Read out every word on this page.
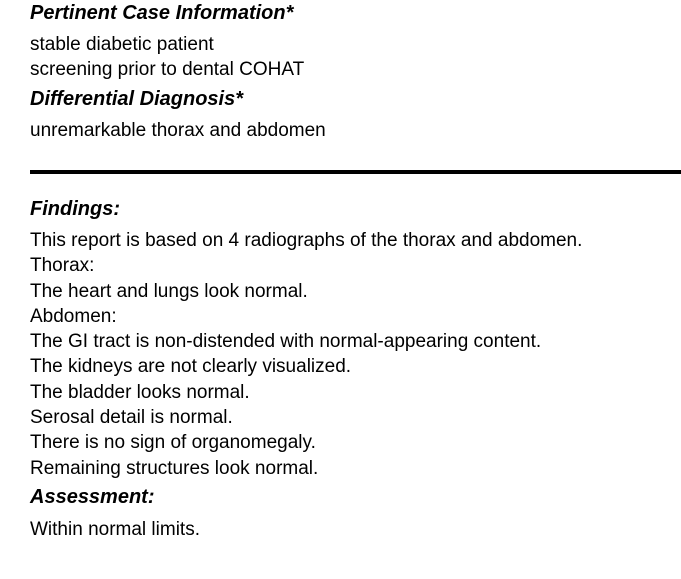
Pertinent Case Information*

stable diabetic patient
screening prior to dental COHAT

Differential Diagnosis*

unremarkable thorax and abdomen

Findings:

This report is based on 4 radiographs of the thorax and abdomen.
Thorax:
The heart and lungs look normal.
Abdomen:
The GI tract is non-distended with normal-appearing content.
The kidneys are not clearly visualized.
The bladder looks normal.
Serosal detail is normal.
There is no sign of organomegaly.
Remaining structures look normal.

Assessment:

Within normal limits.
